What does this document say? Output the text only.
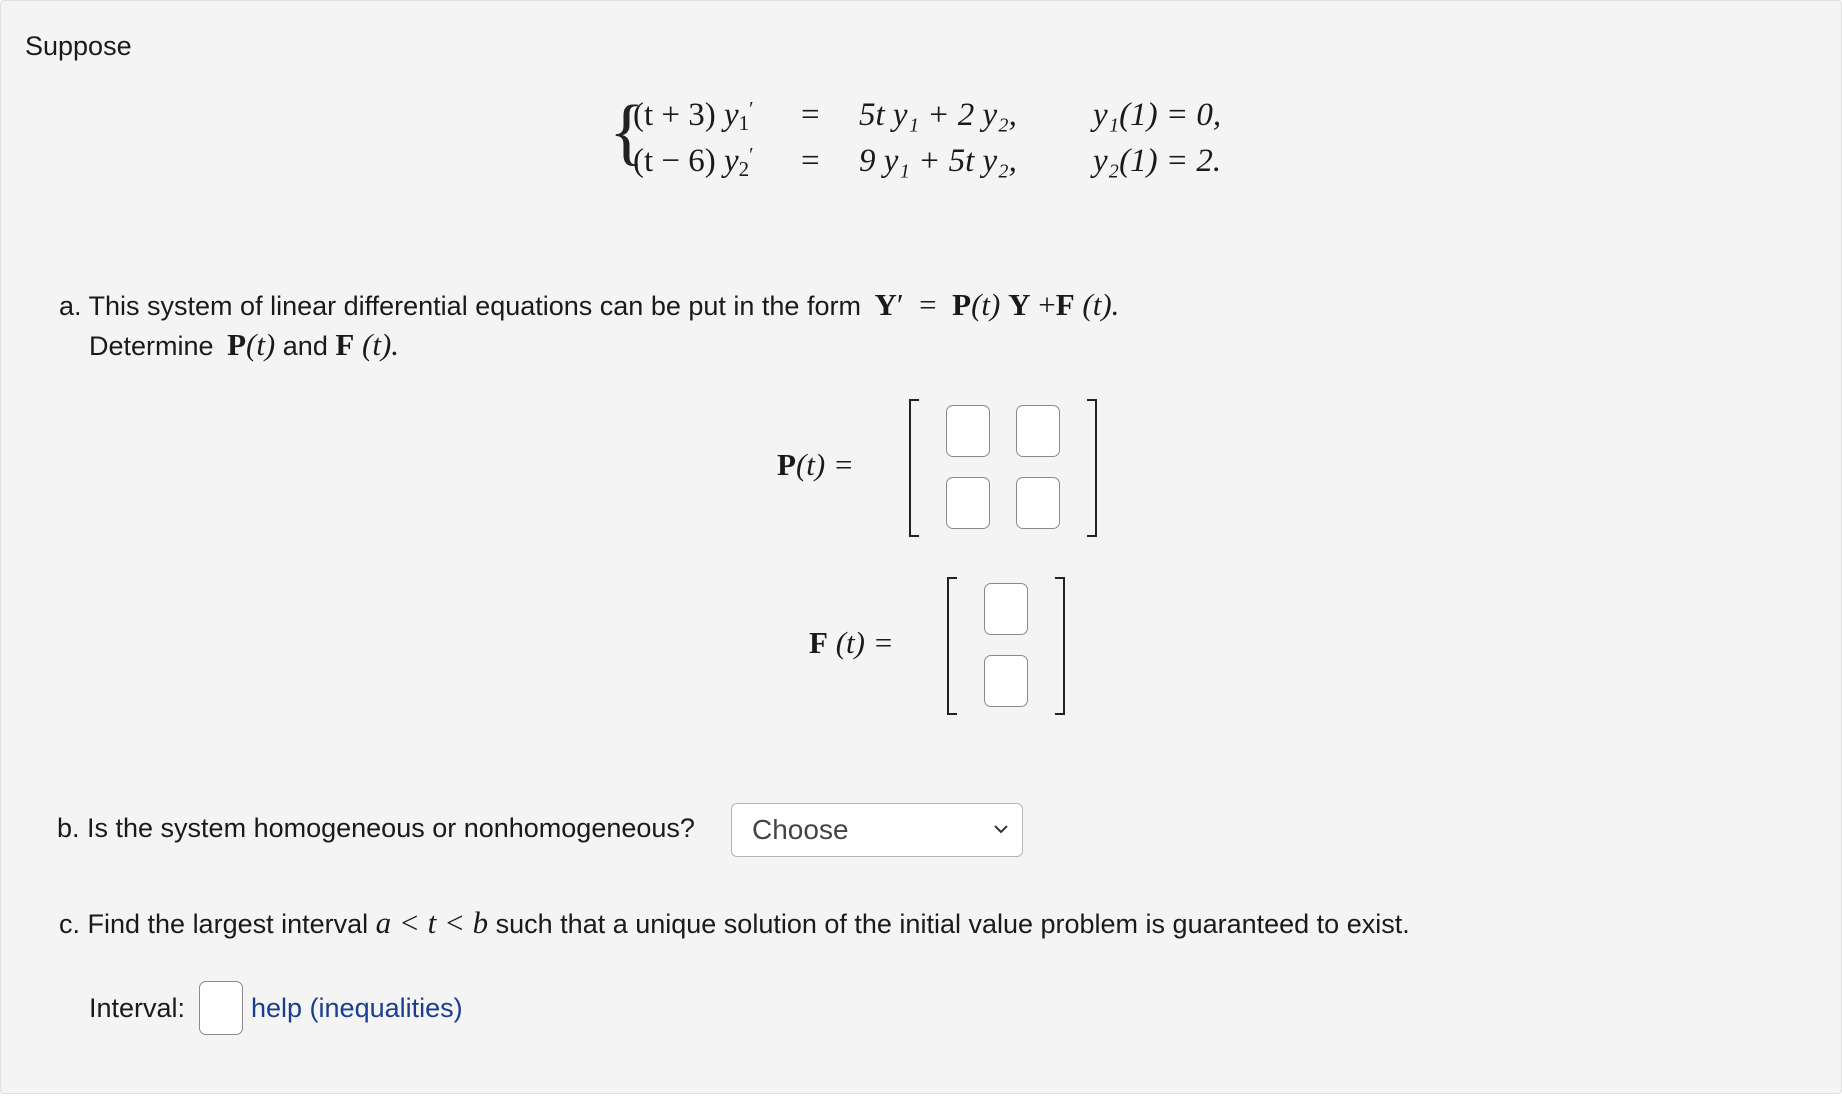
Suppose
{
(t + 3) $y_1' = 5t$ y₁ + 2 y₂, y₁(1) = 0,
(t − 6) $y_2' = 9$ y₁ + 5t y₂, y₂(1) = 2.
a. This system of linear differential equations can be put in the form Y′ = P(t) Y +F (t).
Determine P(t) and F (t).
P(t) =
F (t) =
b. Is the system homogeneous or nonhomogeneous? Choose
c. Find the largest interval a < t < b such that a unique solution of the initial value problem is guaranteed to exist.
Interval: help (inequalities)
